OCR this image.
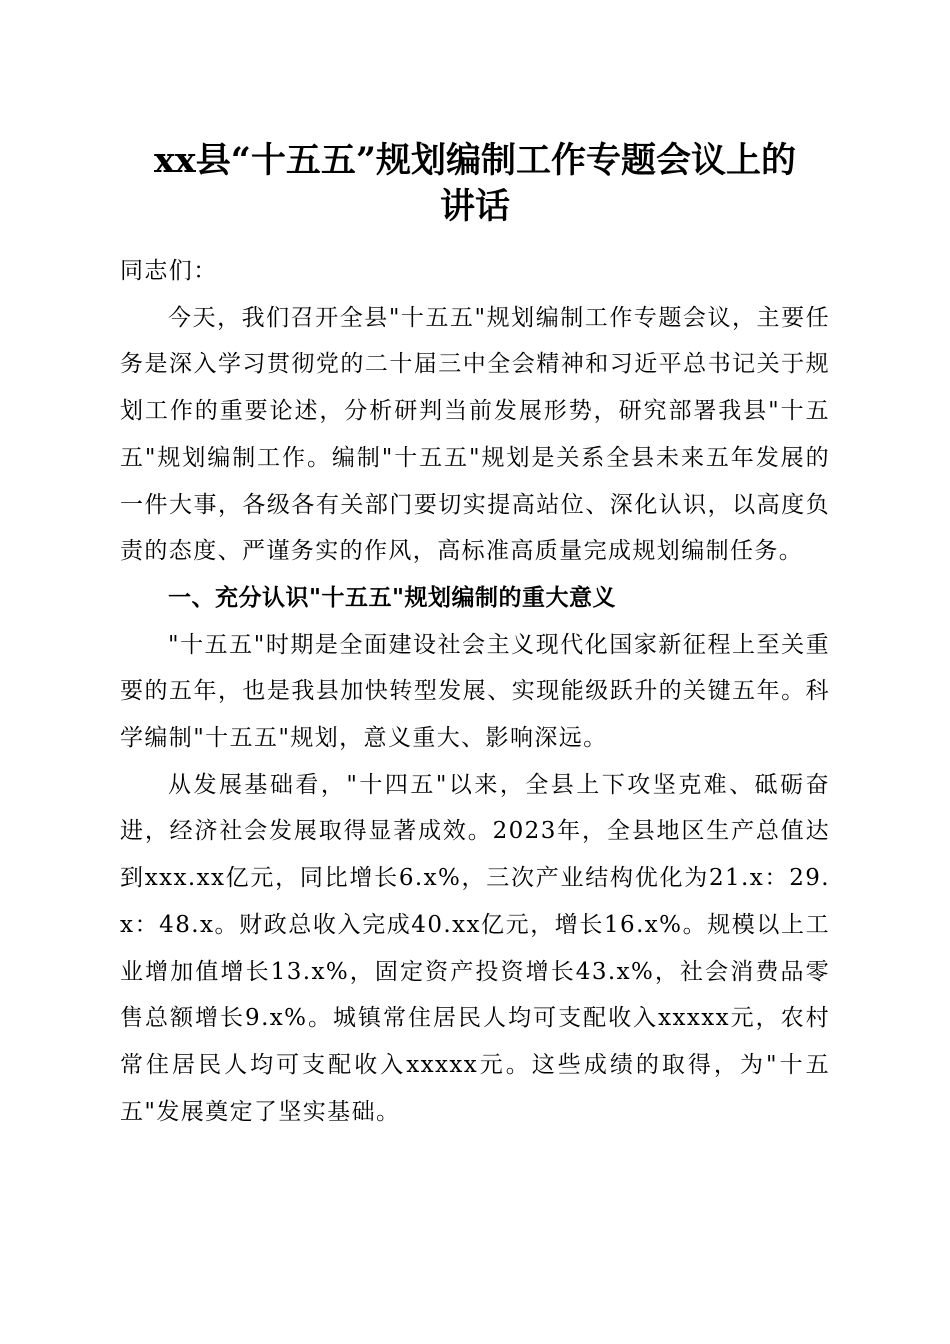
xx县“十五五”规划编制工作专题会议上的
讲话

同志们：

今天，我们召开全县"十五五"规划编制工作专题会议，主要任务是深入学习贯彻党的二十届三中全会精神和习近平总书记关于规划工作的重要论述，分析研判当前发展形势，研究部署我县"十五五"规划编制工作。编制"十五五"规划是关系全县未来五年发展的一件大事，各级各有关部门要切实提高站位、深化认识，以高度负责的态度、严谨务实的作风，高标准高质量完成规划编制任务。

一、充分认识"十五五"规划编制的重大意义

"十五五"时期是全面建设社会主义现代化国家新征程上至关重要的五年，也是我县加快转型发展、实现能级跃升的关键五年。科学编制"十五五"规划，意义重大、影响深远。

从发展基础看，"十四五"以来，全县上下攻坚克难、砥砺奋进，经济社会发展取得显著成效。2023年，全县地区生产总值达到xxx.xx亿元，同比增长6.x%，三次产业结构优化为21.x：29.x：48.x。财政总收入完成40.xx亿元，增长16.x%。规模以上工业增加值增长13.x%，固定资产投资增长43.x%，社会消费品零售总额增长9.x%。城镇常住居民人均可支配收入xxxxx元，农村常住居民人均可支配收入xxxxx元。这些成绩的取得，为"十五五"发展奠定了坚实基础。
